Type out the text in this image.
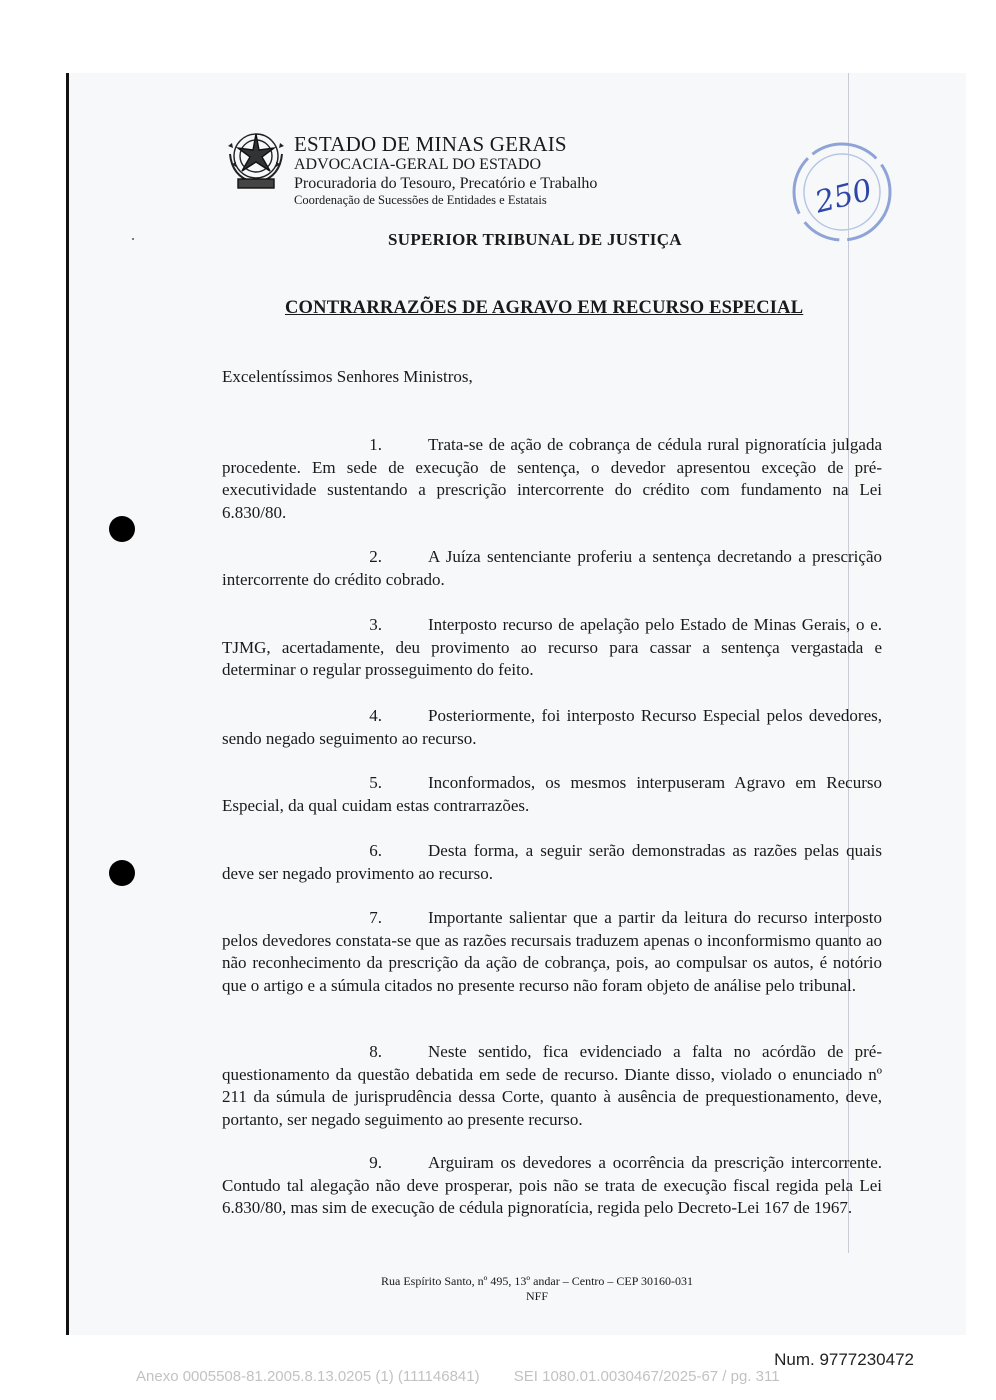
ESTADO DE MINAS GERAIS
ADVOCACIA-GERAL DO ESTADO
Procuradoria do Tesouro, Precatório e Trabalho
Coordenação de Sucessões de Entidades e Estatais	250
SUPERIOR TRIBUNAL DE JUSTIÇA
CONTRARRAZÕES DE AGRAVO EM RECURSO ESPECIAL
Excelentíssimos Senhores Ministros,

1.	Trata-se de ação de cobrança de cédula rural pignoratícia julgada procedente. Em sede de execução de sentença, o devedor apresentou exceção de pré-executividade sustentando a prescrição intercorrente do crédito com fundamento na Lei 6.830/80.

2.	A Juíza sentenciante proferiu a sentença decretando a prescrição intercorrente do crédito cobrado.

3.	Interposto recurso de apelação pelo Estado de Minas Gerais, o e. TJMG, acertadamente, deu provimento ao recurso para cassar a sentença vergastada e determinar o regular prosseguimento do feito.

4.	Posteriormente, foi interposto Recurso Especial pelos devedores, sendo negado seguimento ao recurso.

5.	Inconformados, os mesmos interpuseram Agravo em Recurso Especial, da qual cuidam estas contrarrazões.

6.	Desta forma, a seguir serão demonstradas as razões pelas quais deve ser negado provimento ao recurso.

7.	Importante salientar que a partir da leitura do recurso interposto pelos devedores constata-se que as razões recursais traduzem apenas o inconformismo quanto ao não reconhecimento da prescrição da ação de cobrança, pois, ao compulsar os autos, é notório que o artigo e a súmula citados no presente recurso não foram objeto de análise pelo tribunal.

8.	Neste sentido, fica evidenciado a falta no acórdão de pré-questionamento da questão debatida em sede de recurso. Diante disso, violado o enunciado nº 211 da súmula de jurisprudência dessa Corte, quanto à ausência de prequestionamento, deve, portanto, ser negado seguimento ao presente recurso.

9.	Arguiram os devedores a ocorrência da prescrição intercorrente. Contudo tal alegação não deve prosperar, pois não se trata de execução fiscal regida pela Lei 6.830/80, mas sim de execução de cédula pignoratícia, regida pelo Decreto-Lei 167 de 1967.

Rua Espírito Santo, nº 495, 13º andar – Centro – CEP 30160-031
NFF
Num. 9777230472
Anexo 0005508-81.2005.8.13.0205 (1) (111146841) SEI 1080.01.0030467/2025-67 / pg. 311
